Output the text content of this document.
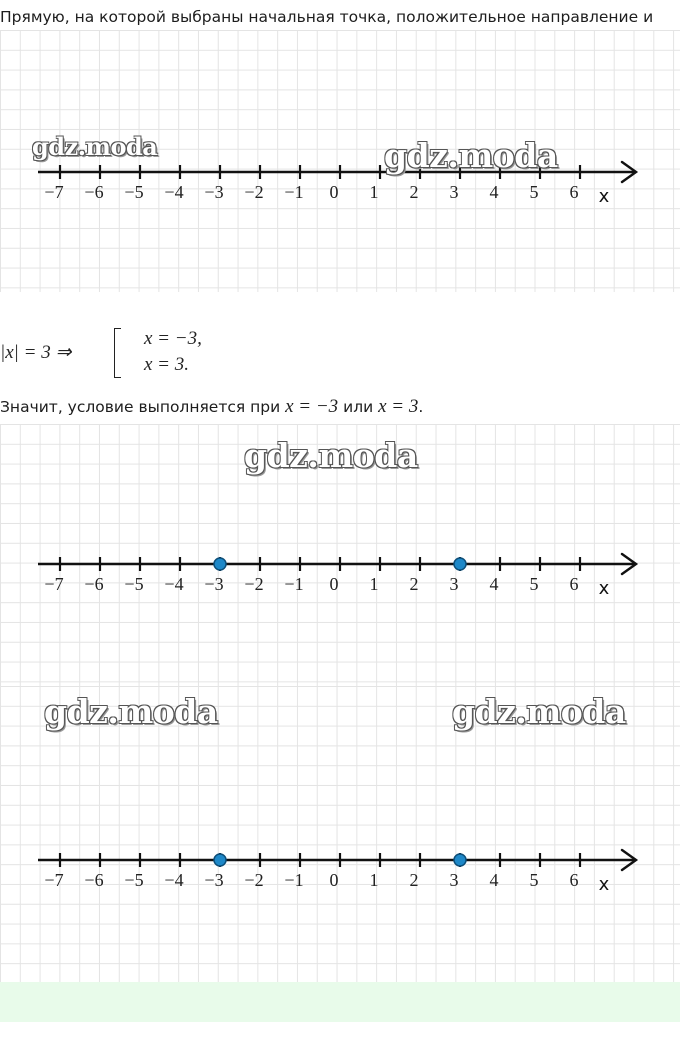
Прямую, на которой выбраны начальная точка, положительное направление и
−7 −6 −5 −4 −3 −2 −1 0 1 2 3 4 5 6 x
gdz.moda	gdz.moda
|x| = 3 ⇒
x = −3,
x = 3.
Значит, условие выполняется при x = −3 или x = 3.
−7 −6 −5 −4 −3 −2 −1 0 1 2 3 4 5 6 x
gdz.moda
−7 −6 −5 −4 −3 −2 −1 0 1 2 3 4 5 6 x
gdz.moda	gdz.moda
